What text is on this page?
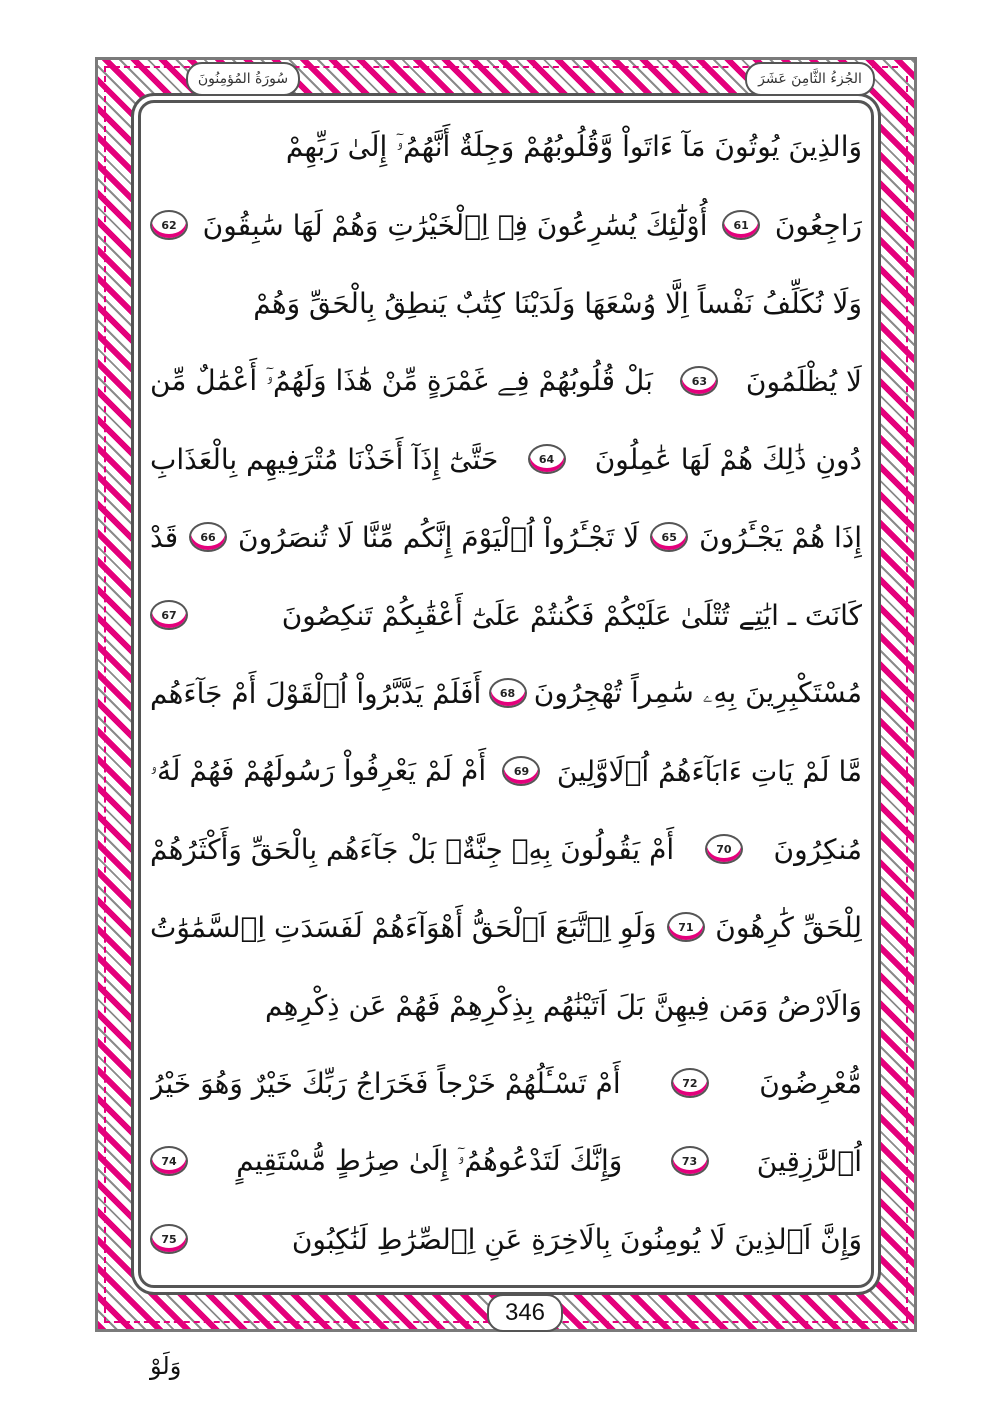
سُورَةُ المُؤمِنُونَ	الجُزءُ الثَّامِنَ عَشَرَ
وَالذِينَ يُوتُونَ مَآ ءَاتَواْ وَّقُلُوبُهُمْ وَجِلَةٌ أَنَّهُمُۥٓ إِلَىٰ رَبِّهِمْ
رَاجِعُونَ
61
أُوْلَٰٓئِكَ يُسَٰرِعُونَ فِے اِ۬لْخَيْرَٰتِ وَهُمْ لَهَا سَٰبِقُونَ
62
وَلَا نُكَلِّفُ نَفْساً اِلَّا وُسْعَهَا وَلَدَيْنَا كِتَٰبٌ يَنطِقُ بِالْحَقِّ وَهُمْ
لَا يُظْلَمُونَ
63
بَلْ قُلُوبُهُمْ فِے غَمْرَةٍ مِّنْ هَٰذَا وَلَهُمُۥٓ أَعْمَٰلٌ مِّن
دُونِ ذَٰلِكَ هُمْ لَهَا عَٰمِلُونَ
64
حَتَّىٰٓ إِذَآ أَخَذْنَا مُتْرَفِيهِم بِالْعَذَابِ
إِذَا هُمْ يَجْـَٔرُونَ
65
لَا تَجْـَٔرُواْ اُ۬لْيَوْمَ إِنَّكُم مِّنَّا لَا تُنصَرُونَ
66
قَدْ
كَانَتَ ـ ايَٰتِے تُتْلَىٰ عَلَيْكُمْ فَكُنتُمْ عَلَىٰٓ أَعْقَٰبِكُمْ تَنكِصُونَ
67
مُسْتَكْبِرِينَ بِهِۦ سَٰمِراً تُهْجِرُونَ
68
أَفَلَمْ يَدَّبَّرُواْ اُ۬لْقَوْلَ أَمْ جَآءَهُم
مَّا لَمْ يَاتِ ءَابَآءَهُمُ اُ۬لَاوَّلِينَ
69
أَمْ لَمْ يَعْرِفُواْ رَسُولَهُمْ فَهُمْ لَهُۥ
مُنكِرُونَ
70
أَمْ يَقُولُونَ بِهِۦ جِنَّةٌۢ بَلْ جَآءَهُم بِالْحَقِّ وَأَكْثَرُهُمْ
لِلْحَقِّ كَٰرِهُونَ
71
وَلَوِ اِ۪تَّبَعَ اَ۬لْحَقُّ أَهْوَآءَهُمْ لَفَسَدَتِ اِ۬لسَّمَٰوَٰتُ
وَالَارْضُ وَمَن فِيهِنَّ بَلَ اَتَيْنَٰهُم بِذِكْرِهِمْ فَهُمْ عَن ذِكْرِهِم
مُّعْرِضُونَ
72
أَمْ تَسْـَٔلُهُمْ خَرْجاً فَخَرَاجُ رَبِّكَ خَيْرٌ وَهُوَ خَيْرُ
اُ۬لرَّٰزِقِينَ
73
وَإِنَّكَ لَتَدْعُوهُمُۥٓ إِلَىٰ صِرَٰطٍ مُّسْتَقِيمٍ
74
وَإِنَّ اَ۬لذِينَ لَا يُومِنُونَ بِالَاخِرَةِ عَنِ اِ۬لصِّرَٰطِ لَنَٰكِبُونَ
75
346
وَلَوْ
